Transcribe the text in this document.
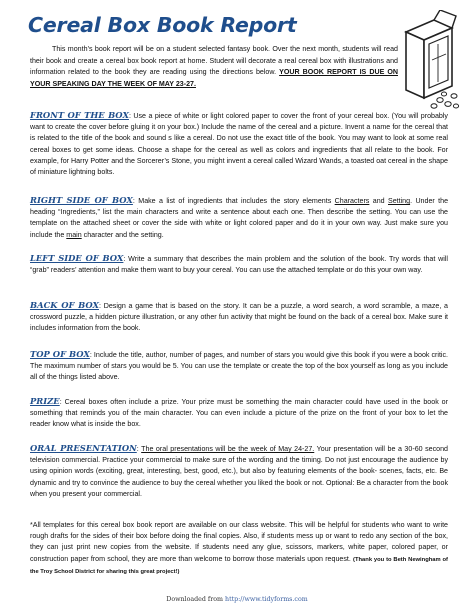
Cereal Box Book Report

This month’s book report will be on a student selected fantasy book. Over the next month, students will read their book and create a cereal box book report at home. Student will decorate a real cereal box with illustrations and information related to the book they are reading using the directions below. YOUR BOOK REPORT IS DUE ON YOUR SPEAKING DAY THE WEEK OF MAY 23-27.

FRONT OF THE BOX: Use a piece of white or light colored paper to cover the front of your cereal box. (You will probably want to create the cover before gluing it on your box.) Include the name of the cereal and a picture. Invent a name for the cereal that is related to the title of the book and sound s like a cereal. Do not use the exact title of the book. You may want to look at some real cereal boxes to get some ideas. Choose a shape for the cereal as well as colors and ingredients that all relate to the book. For example, for Harry Potter and the Sorcerer’s Stone, you might invent a cereal called Wizard Wands, a toasted oat cereal in the shape of miniature lightning bolts.

RIGHT SIDE OF BOX: Make a list of ingredients that includes the story elements Characters and Setting. Under the heading “Ingredients,” list the main characters and write a sentence about each one. Then describe the setting. You can use the template on the attached sheet or cover the side with white or light colored paper and do it in your own way. Just make sure you include the main character and the setting.

LEFT SIDE OF BOX: Write a summary that describes the main problem and the solution of the book. Try words that will “grab” readers’ attention and make them want to buy your cereal. You can use the attached template or do this your own way.

BACK OF BOX: Design a game that is based on the story. It can be a puzzle, a word search, a word scramble, a maze, a crossword puzzle, a hidden picture illustration, or any other fun activity that might be found on the back of a cereal box. Make sure it includes information from the book.

TOP OF BOX: Include the title, author, number of pages, and number of stars you would give this book if you were a book critic. The maximum number of stars you would be 5. You can use the template or create the top of the box yourself as long as you include all of the things listed above.

PRIZE: Cereal boxes often include a prize. Your prize must be something the main character could have used in the book or something that reminds you of the main character. You can even include a picture of the prize on the front of your box to let the reader know what is inside the box.

ORAL PRESENTATION: The oral presentations will be the week of May 24-27. Your presentation will be a 30-60 second television commercial. Practice your commercial to make sure of the wording and the timing. Do not just encourage the audience by using opinion words (exciting, great, interesting, best, good, etc.), but also by featuring elements of the book- scenes, facts, etc. Be dynamic and try to convince the audience to buy the cereal whether you liked the book or not. Optional: Be a character from the book when you present your commercial.

*All templates for this cereal box book report are available on our class website. This will be helpful for students who want to write rough drafts for the sides of their box before doing the final copies. Also, if students mess up or want to redo any section of the box, they can just print new copies from the website. If students need any glue, scissors, markers, white paper, colored paper, or construction paper from school, they are more than welcome to borrow those materials upon request. (Thank you to Beth Newingham of the Troy School District for sharing this great project!)

Downloaded from http://www.tidyforms.com
